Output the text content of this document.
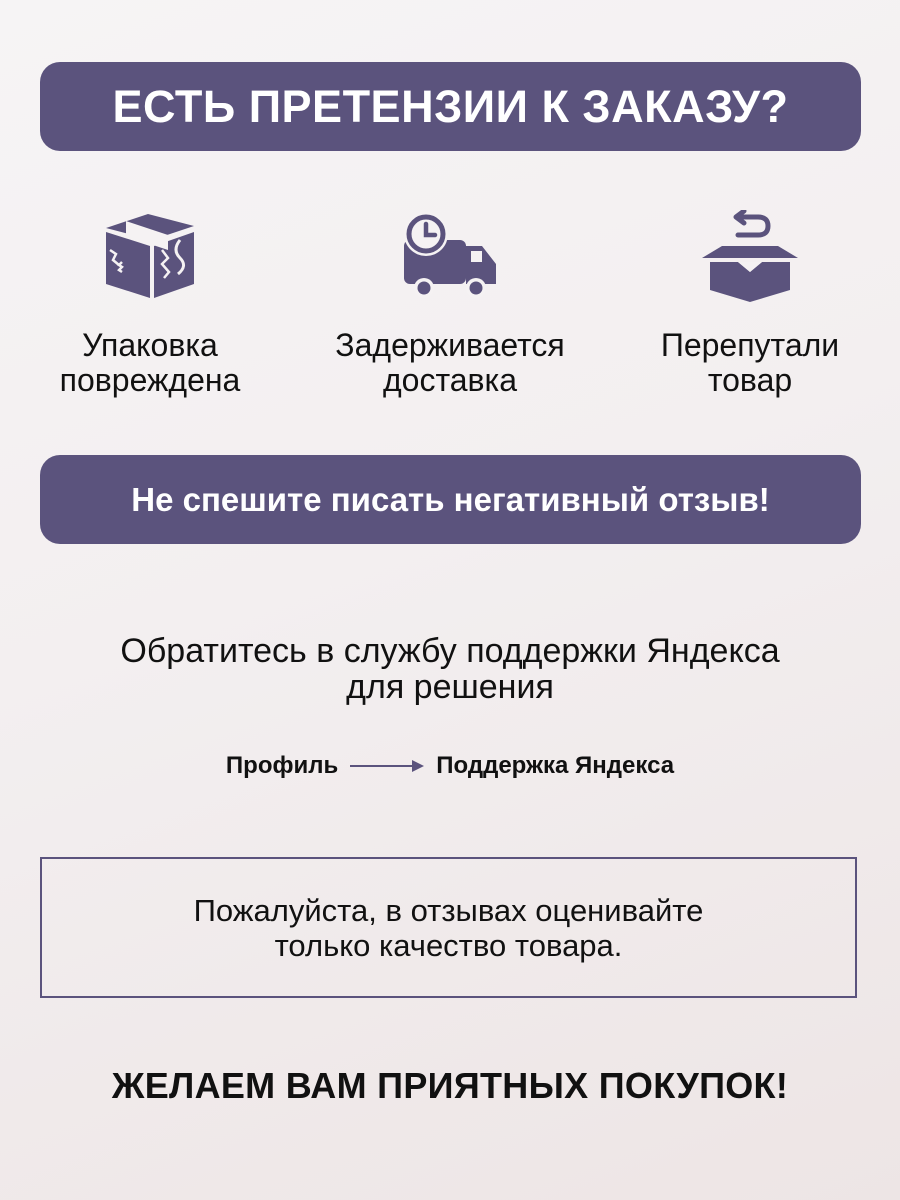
ЕСТЬ ПРЕТЕНЗИИ К ЗАКАЗУ?
Упаковка
повреждена
Задерживается
доставка
Перепутали
товар
Не спешите писать негативный отзыв!
Обратитесь в службу поддержки Яндекса
для решения
Профиль	Поддержка Яндекса
Пожалуйста, в отзывах оценивайте
только качество товара.
ЖЕЛАЕМ ВАМ ПРИЯТНЫХ ПОКУПОК!
